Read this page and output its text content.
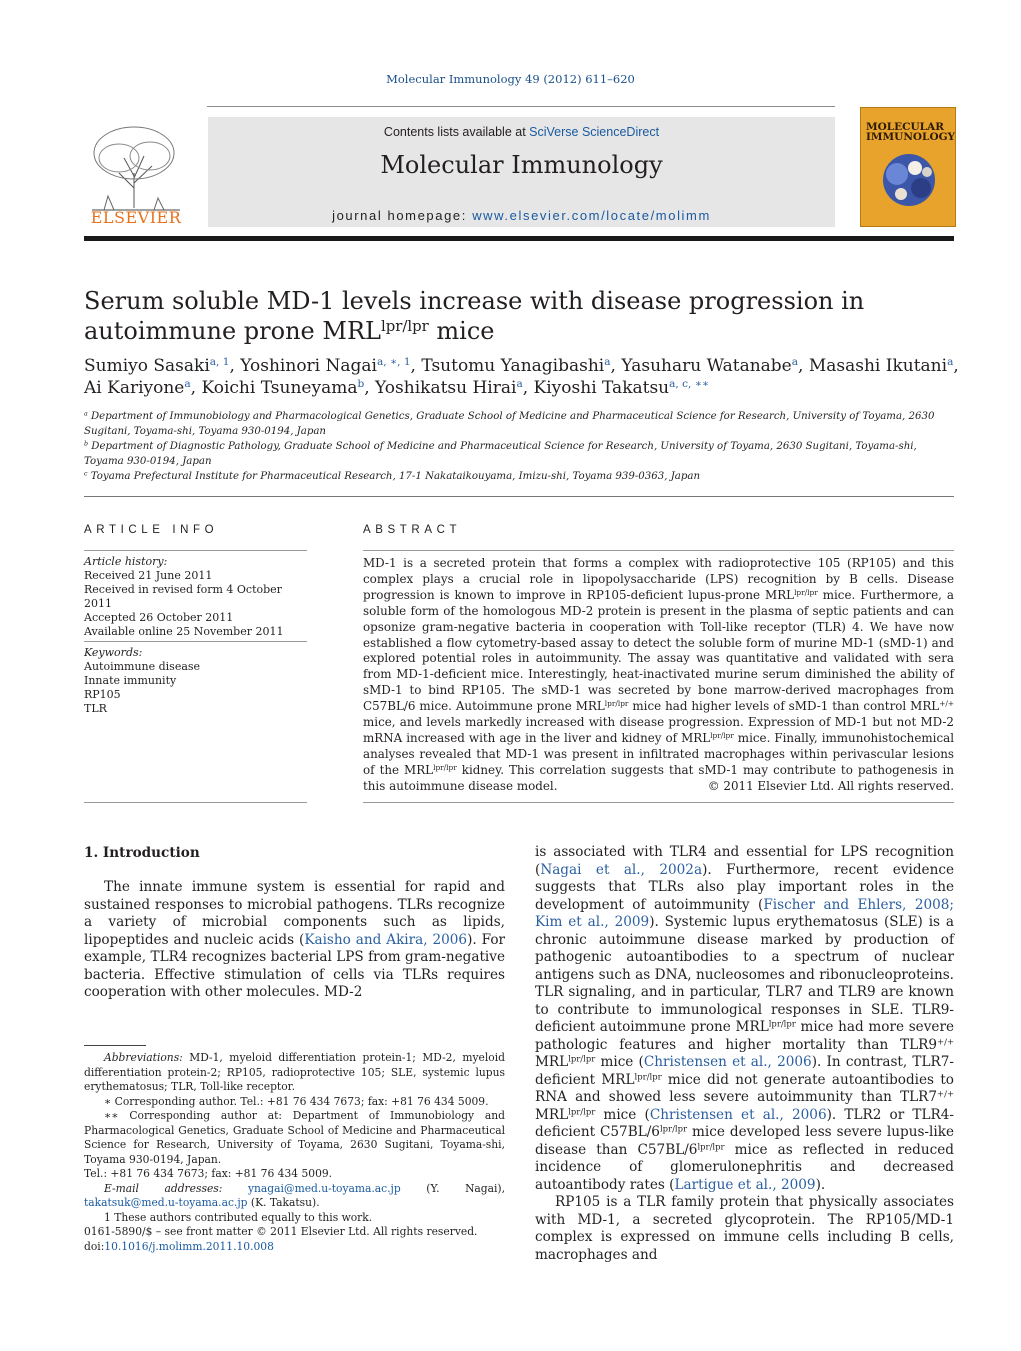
Molecular Immunology 49 (2012) 611–620
ELSEVIER
Contents lists available at SciVerse ScienceDirect
Molecular Immunology
journal homepage: www.elsevier.com/locate/molimm
MOLECULAR IMMUNOLOGY
Serum soluble MD-1 levels increase with disease progression in autoimmune prone $MRL^{lpr/lpr}$ mice
Sumiyo Sasaki$^{a, 1}$, Yoshinori Nagai$^{a, ∗, 1}$, Tsutomu Yanagibashi$^a$, Yasuharu Watanabe$^a$, Masashi Ikutani$^a$,
Ai Kariyone$^a$, Koichi Tsuneyama$^b$, Yoshikatsu Hirai$^a$, Kiyoshi Takatsu$^{a, c, ∗∗}$

$^a$ Department of Immunobiology and Pharmacological Genetics, Graduate School of Medicine and Pharmaceutical Science for Research, University of Toyama, 2630 Sugitani, Toyama-shi, Toyama 930-0194, Japan

$^b$ Department of Diagnostic Pathology, Graduate School of Medicine and Pharmaceutical Science for Research, University of Toyama, 2630 Sugitani, Toyama-shi, Toyama 930-0194, Japan

$^c$ Toyama Prefectural Institute for Pharmaceutical Research, 17-1 Nakataikouyama, Imizu-shi, Toyama 939-0363, Japan

ARTICLE INFO
Article history:
Received 21 June 2011
Received in revised form 4 October 2011
Accepted 26 October 2011
Available online 25 November 2011
Keywords:
Autoimmune disease
Innate immunity
RP105
TLR
ABSTRACT
MD-1 is a secreted protein that forms a complex with radioprotective 105 (RP105) and this complex plays a crucial role in lipopolysaccharide (LPS) recognition by B cells. Disease progression is known to improve in RP105-deficient lupus-prone $MRL^{lpr/lpr}$ mice. Furthermore, a soluble form of the homologous MD-2 protein is present in the plasma of septic patients and can opsonize gram-negative bacteria in cooperation with Toll-like receptor (TLR) 4. We have now established a flow cytometry-based assay to detect the soluble form of murine MD-1 (sMD-1) and explored potential roles in autoimmunity. The assay was quantitative and validated with sera from MD-1-deficient mice. Interestingly, heat-inactivated murine serum diminished the ability of sMD-1 to bind RP105. The sMD-1 was secreted by bone marrow-derived macrophages from C57BL/6 mice. Autoimmune prone $MRL^{lpr/lpr}$ mice had higher levels of sMD-1 than control MRL+/+ mice, and levels markedly increased with disease progression. Expression of MD-1 but not MD-2 mRNA increased with age in the liver and kidney of $MRL^{lpr/lpr}$ mice. Finally, immunohistochemical analyses revealed that MD-1 was present in infiltrated macrophages within perivascular lesions of the $MRL^{lpr/lpr}$ kidney. This correlation suggests that sMD-1 may contribute to pathogenesis in this autoimmune disease model.	© 2011 Elsevier Ltd. All rights reserved.
1. Introduction

The innate immune system is essential for rapid and sustained responses to microbial pathogens. TLRs recognize a variety of microbial components such as lipids, lipopeptides and nucleic acids (Kaisho and Akira, 2006). For example, TLR4 recognizes bacterial LPS from gram-negative bacteria. Effective stimulation of cells via TLRs requires cooperation with other molecules. MD-2

is associated with TLR4 and essential for LPS recognition (Nagai et al., 2002a). Furthermore, recent evidence suggests that TLRs also play important roles in the development of autoimmunity (Fischer and Ehlers, 2008; Kim et al., 2009). Systemic lupus erythematosus (SLE) is a chronic autoimmune disease marked by production of pathogenic autoantibodies to a spectrum of nuclear antigens such as DNA, nucleosomes and ribonucleoproteins. TLR signaling, and in particular, TLR7 and TLR9 are known to contribute to immunological responses in SLE. TLR9-deficient autoimmune prone $MRL^{lpr/lpr}$ mice had more severe pathologic features and higher mortality than TLR9+/+ $MRL^{lpr/lpr}$ mice (Christensen et al., 2006). In contrast, TLR7-deficient $MRL^{lpr/lpr}$ mice did not generate autoantibodies to RNA and showed less severe autoimmunity than TLR7+/+ $MRL^{lpr/lpr}$ mice (Christensen et al., 2006). TLR2 or TLR4-deficient $C57BL/6^{lpr/lpr}$ mice developed less severe lupus-like disease than $C57BL/6^{lpr/lpr}$ mice as reflected in reduced incidence of glomerulonephritis and decreased autoantibody rates (Lartigue et al., 2009).

RP105 is a TLR family protein that physically associates with MD-1, a secreted glycoprotein. The RP105/MD-1 complex is expressed on immune cells including B cells, macrophages and

Abbreviations: MD-1, myeloid differentiation protein-1; MD-2, myeloid differentiation protein-2; RP105, radioprotective 105; SLE, systemic lupus erythematosus; TLR, Toll-like receptor.

∗ Corresponding author. Tel.: +81 76 434 7673; fax: +81 76 434 5009.

∗∗ Corresponding author at: Department of Immunobiology and Pharmacological Genetics, Graduate School of Medicine and Pharmaceutical Science for Research, University of Toyama, 2630 Sugitani, Toyama-shi, Toyama 930-0194, Japan.

Tel.: +81 76 434 7673; fax: +81 76 434 5009.

E-mail addresses: ynagai@med.u-toyama.ac.jp (Y. Nagai), takatsuk@med.u-toyama.ac.jp (K. Takatsu).

1 These authors contributed equally to this work.

0161-5890/$ – see front matter © 2011 Elsevier Ltd. All rights reserved.
doi:10.1016/j.molimm.2011.10.008
